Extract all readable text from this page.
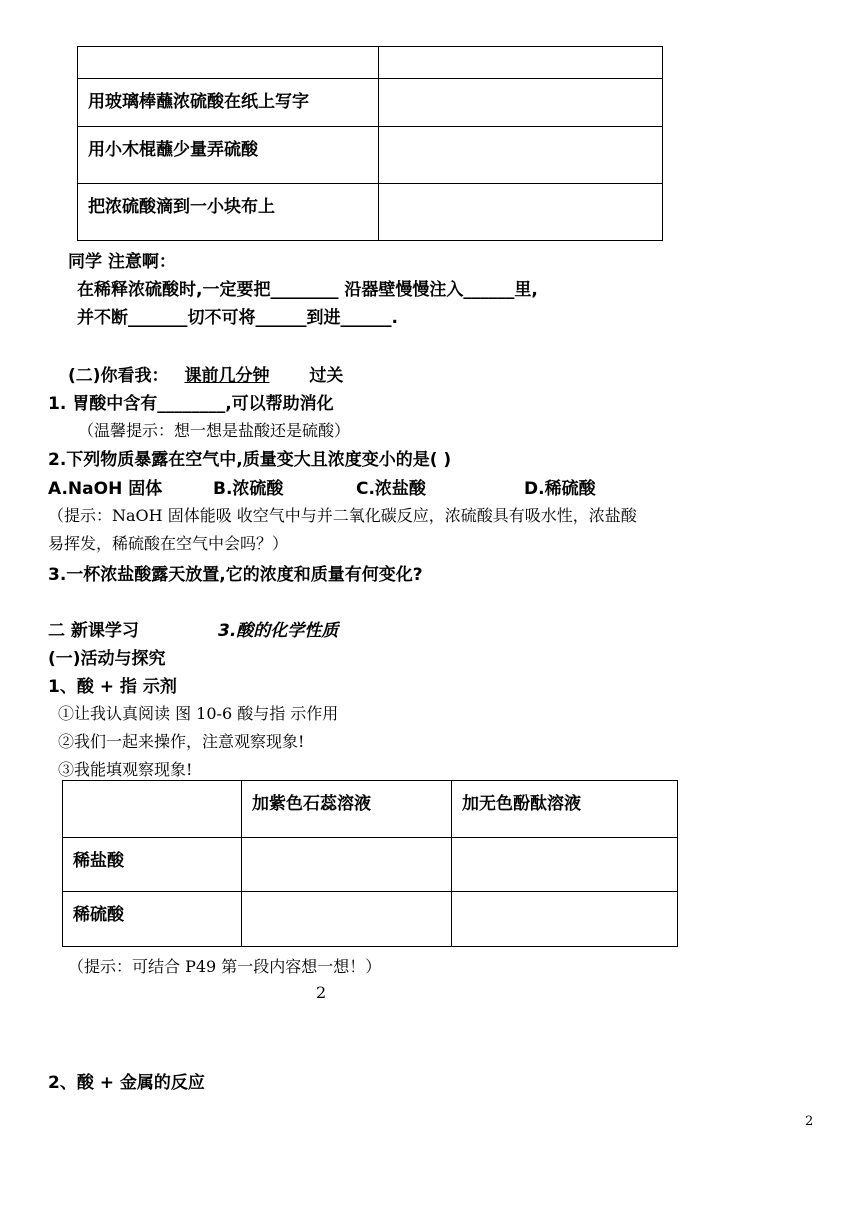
用玻璃棒蘸浓硫酸在纸上写字	

用小木棍蘸少量弄硫酸	

把浓硫酸滴到一小块布上	

同学 注意啊：
在稀释浓硫酸时,一定要把________ 沿器壁慢慢注入______里,
并不断_______切不可将______到进______.
(二)你看我： 课前几分钟 过关
1. 胃酸中含有________,可以帮助消化
（温馨提示：想一想是盐酸还是硫酸）
2.下列物质暴露在空气中,质量变大且浓度变小的是( )
A.NaOH 固体	B.浓硫酸	C.浓盐酸	D.稀硫酸
（提示：NaOH 固体能吸 收空气中与并二氧化碳反应，浓硫酸具有吸水性，浓盐酸
易挥发，稀硫酸在空气中会吗？）
3.一杯浓盐酸露天放置,它的浓度和质量有何变化?
二 新课学习	3.酸的化学性质
(一)活动与探究
1、酸 + 指 示剂
①让我认真阅读 图 10-6 酸与指 示作用
②我们一起来操作，注意观察现象!
③我能填观察现象!

	加紫色石蕊溶液	加无色酚酞溶液

稀盐酸		

稀硫酸		

（提示：可结合 P49 第一段内容想一想！）
2
2、酸 + 金属的反应
2
